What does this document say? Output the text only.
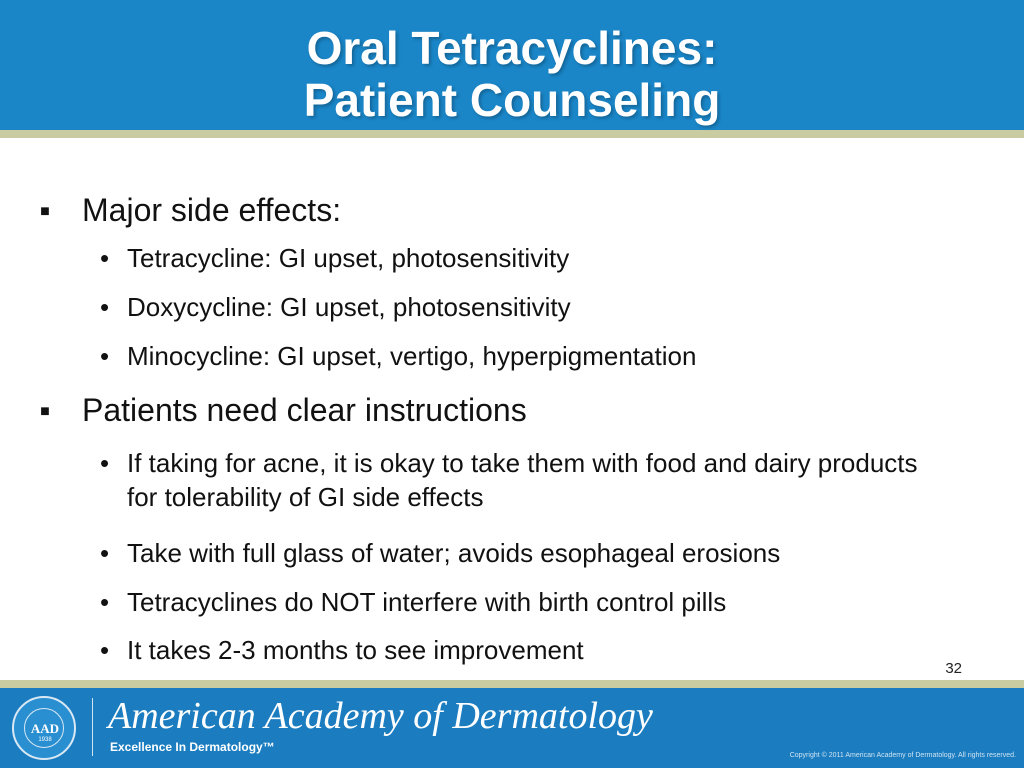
Oral Tetracyclines:
Patient Counseling
■ Major side effects:
• Tetracycline: GI upset, photosensitivity
• Doxycycline: GI upset, photosensitivity
• Minocycline: GI upset, vertigo, hyperpigmentation
■ Patients need clear instructions
• If taking for acne, it is okay to take them with food and dairy products for tolerability of GI side effects
• Take with full glass of water; avoids esophageal erosions
• Tetracyclines do NOT interfere with birth control pills
• It takes 2-3 months to see improvement
32
AAD
1938
American Academy of Dermatology
Excellence In Dermatology™
Copyright © 2011 American Academy of Dermatology. All rights reserved.
